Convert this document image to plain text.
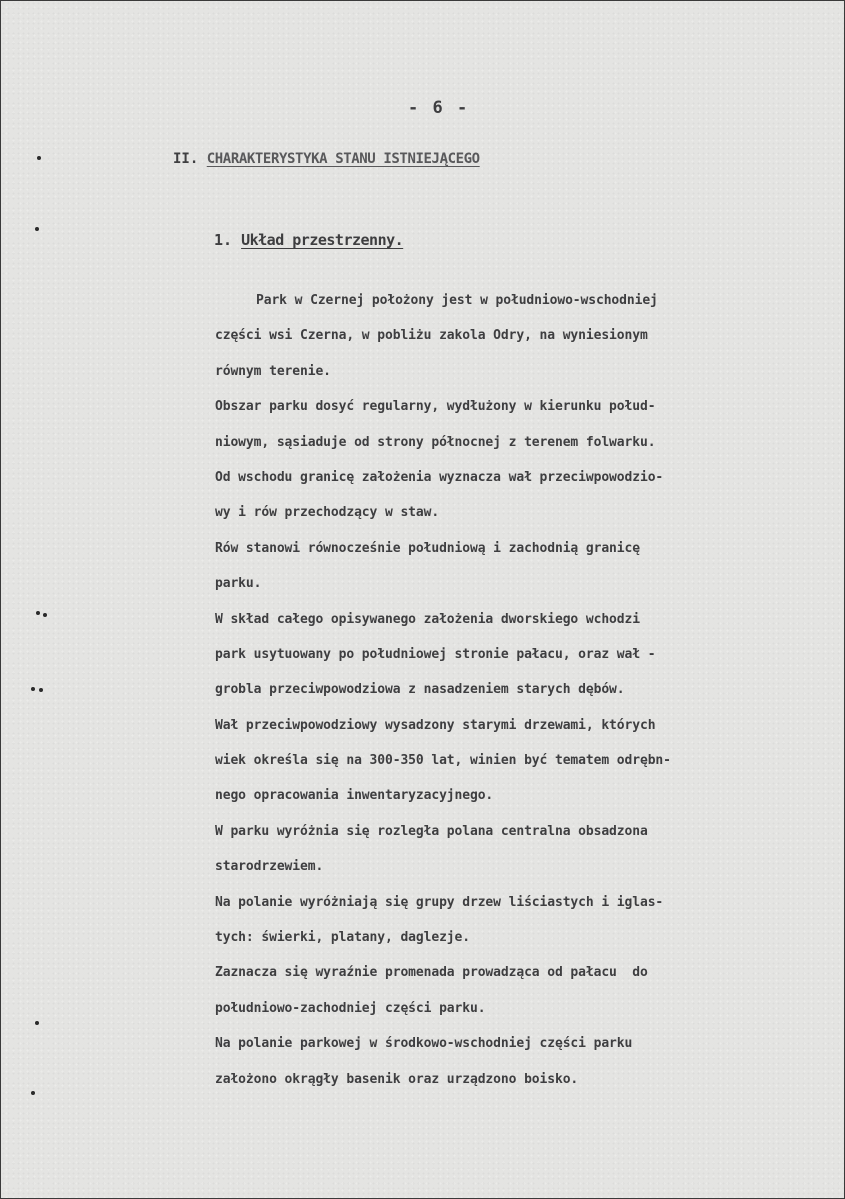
- 6 -
II. CHARAKTERYSTYKA STANU ISTNIEJĄCEGO
1. Układ przestrzenny.
Park w Czernej położony jest w południowo-wschodniej
części wsi Czerna, w pobliżu zakola Odry, na wyniesionym
równym terenie.
Obszar parku dosyć regularny, wydłużony w kierunku połud-
niowym, sąsiaduje od strony północnej z terenem folwarku.
Od wschodu granicę założenia wyznacza wał przeciwpowodzio-
wy i rów przechodzący w staw.
Rów stanowi równocześnie południową i zachodnią granicę
parku.
W skład całego opisywanego założenia dworskiego wchodzi
park usytuowany po południowej stronie pałacu, oraz wał -
grobla przeciwpowodziowa z nasadzeniem starych dębów.
Wał przeciwpowodziowy wysadzony starymi drzewami, których
wiek określa się na 300-350 lat, winien być tematem odrębn-
nego opracowania inwentaryzacyjnego.
W parku wyróżnia się rozległa polana centralna obsadzona
starodrzewiem.
Na polanie wyróżniają się grupy drzew liściastych i iglas-
tych: świerki, platany, daglezje.
Zaznacza się wyraźnie promenada prowadząca od pałacu  do
południowo-zachodniej części parku.
Na polanie parkowej w środkowo-wschodniej części parku
założono okrągły basenik oraz urządzono boisko.
